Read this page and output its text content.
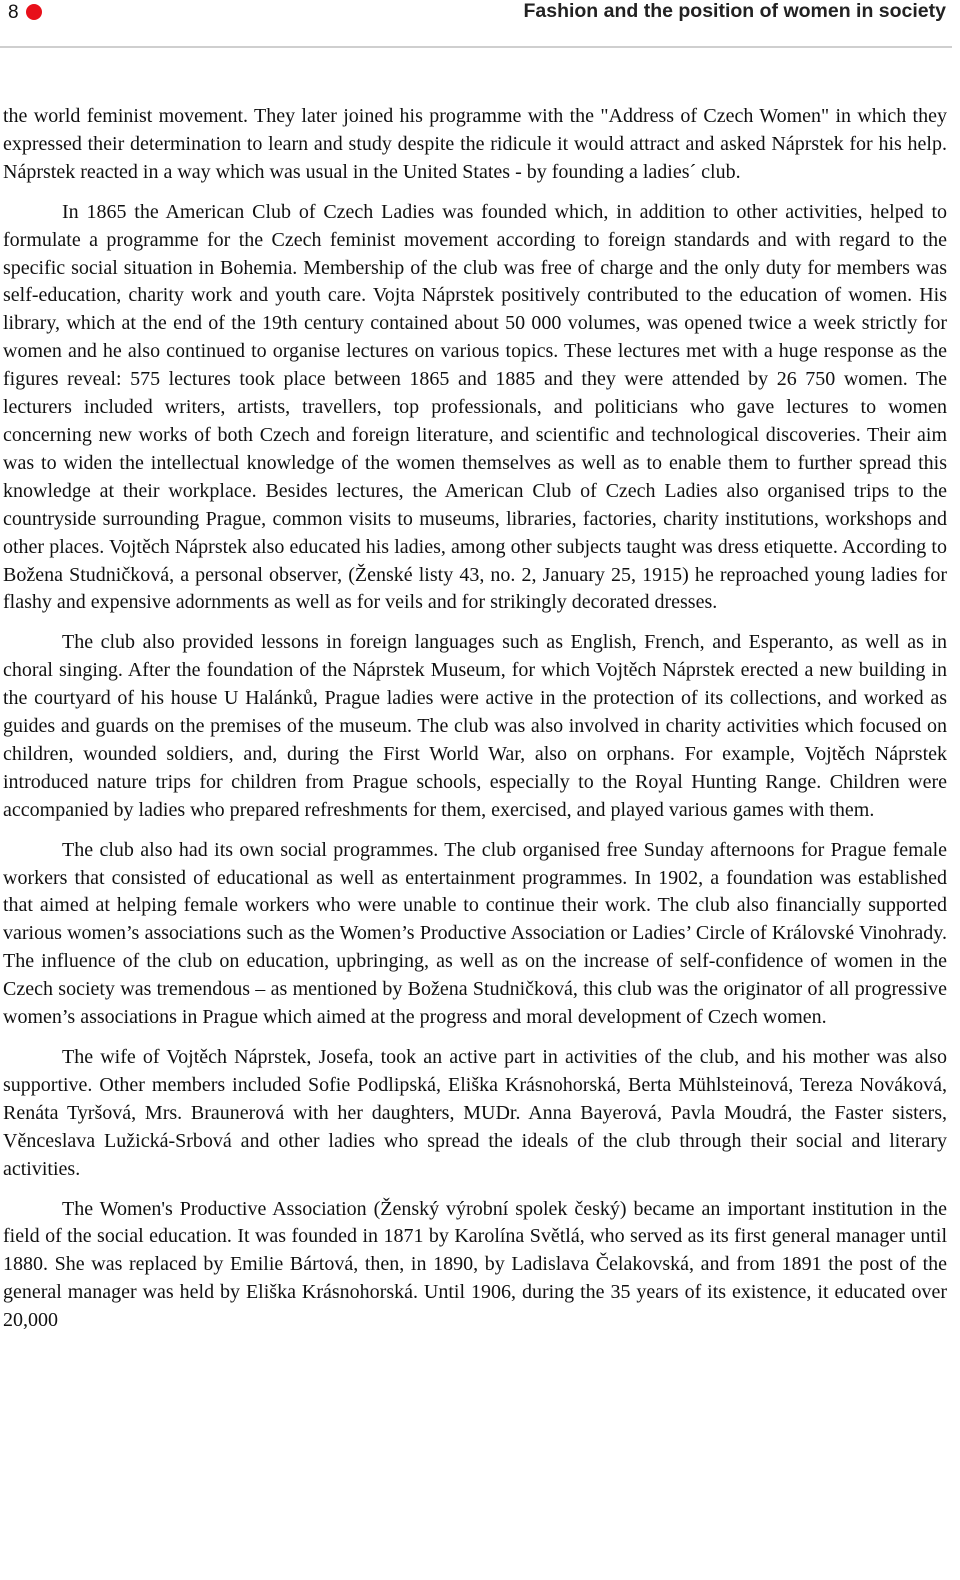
8	Fashion and the position of women in society

the world feminist movement. They later joined his programme with the "Address of Czech Women" in which they expressed their determination to learn and study despite the ridicule it would attract and asked Náprstek for his help. Náprstek reacted in a way which was usual in the United States - by founding a ladies´ club.

In 1865 the American Club of Czech Ladies was founded which, in addition to other activities, helped to formulate a programme for the Czech feminist movement according to foreign standards and with regard to the specific social situation in Bohemia. Membership of the club was free of charge and the only duty for members was self-education, charity work and youth care. Vojta Náprstek positively contributed to the education of women. His library, which at the end of the 19th century contained about 50 000 volumes, was opened twice a week strictly for women and he also continued to organise lectures on various topics. These lectures met with a huge response as the figures reveal: 575 lectures took place between 1865 and 1885 and they were attended by 26 750 women. The lecturers included writers, artists, travellers, top professionals, and politicians who gave lectures to women concerning new works of both Czech and foreign literature, and scientific and technological discoveries. Their aim was to widen the intellectual knowledge of the women themselves as well as to enable them to further spread this knowledge at their workplace. Besides lectures, the American Club of Czech Ladies also organised trips to the countryside surrounding Prague, common visits to museums, libraries, factories, charity institutions, workshops and other places. Vojtěch Náprstek also educated his ladies, among other subjects taught was dress etiquette. According to Božena Studničková, a personal observer, (Ženské listy 43, no. 2, January 25, 1915) he reproached young ladies for flashy and expensive adornments as well as for veils and for strikingly decorated dresses.

The club also provided lessons in foreign languages such as English, French, and Esperanto, as well as in choral singing. After the foundation of the Náprstek Museum, for which Vojtěch Náprstek erected a new building in the courtyard of his house U Halánků, Prague ladies were active in the protection of its collections, and worked as guides and guards on the premises of the museum. The club was also involved in charity activities which focused on children, wounded soldiers, and, during the First World War, also on orphans. For example, Vojtěch Náprstek introduced nature trips for children from Prague schools, especially to the Royal Hunting Range. Children were accompanied by ladies who prepared refreshments for them, exercised, and played various games with them.

The club also had its own social programmes. The club organised free Sunday afternoons for Prague female workers that consisted of educational as well as entertainment programmes. In 1902, a foundation was established that aimed at helping female workers who were unable to continue their work. The club also financially supported various women’s associations such as the Women’s Productive Association or Ladies’ Circle of Královské Vinohrady. The influence of the club on education, upbringing, as well as on the increase of self-confidence of women in the Czech society was tremendous – as mentioned by Božena Studničková, this club was the originator of all progressive women’s associations in Prague which aimed at the progress and moral development of Czech women.

The wife of Vojtěch Náprstek, Josefa, took an active part in activities of the club, and his mother was also supportive. Other members included Sofie Podlipská, Eliška Krásnohorská, Berta Mühlsteinová, Tereza Nováková, Renáta Tyršová, Mrs. Braunerová with her daughters, MUDr. Anna Bayerová, Pavla Moudrá, the Faster sisters, Věnceslava Lužická-Srbová and other ladies who spread the ideals of the club through their social and literary activities.

The Women's Productive Association (Ženský výrobní spolek český) became an important institution in the field of the social education. It was founded in 1871 by Karolína Světlá, who served as its first general manager until 1880. She was replaced by Emilie Bártová, then, in 1890, by Ladislava Čelakovská, and from 1891 the post of the general manager was held by Eliška Krásnohorská. Until 1906, during the 35 years of its existence, it educated over 20,000
